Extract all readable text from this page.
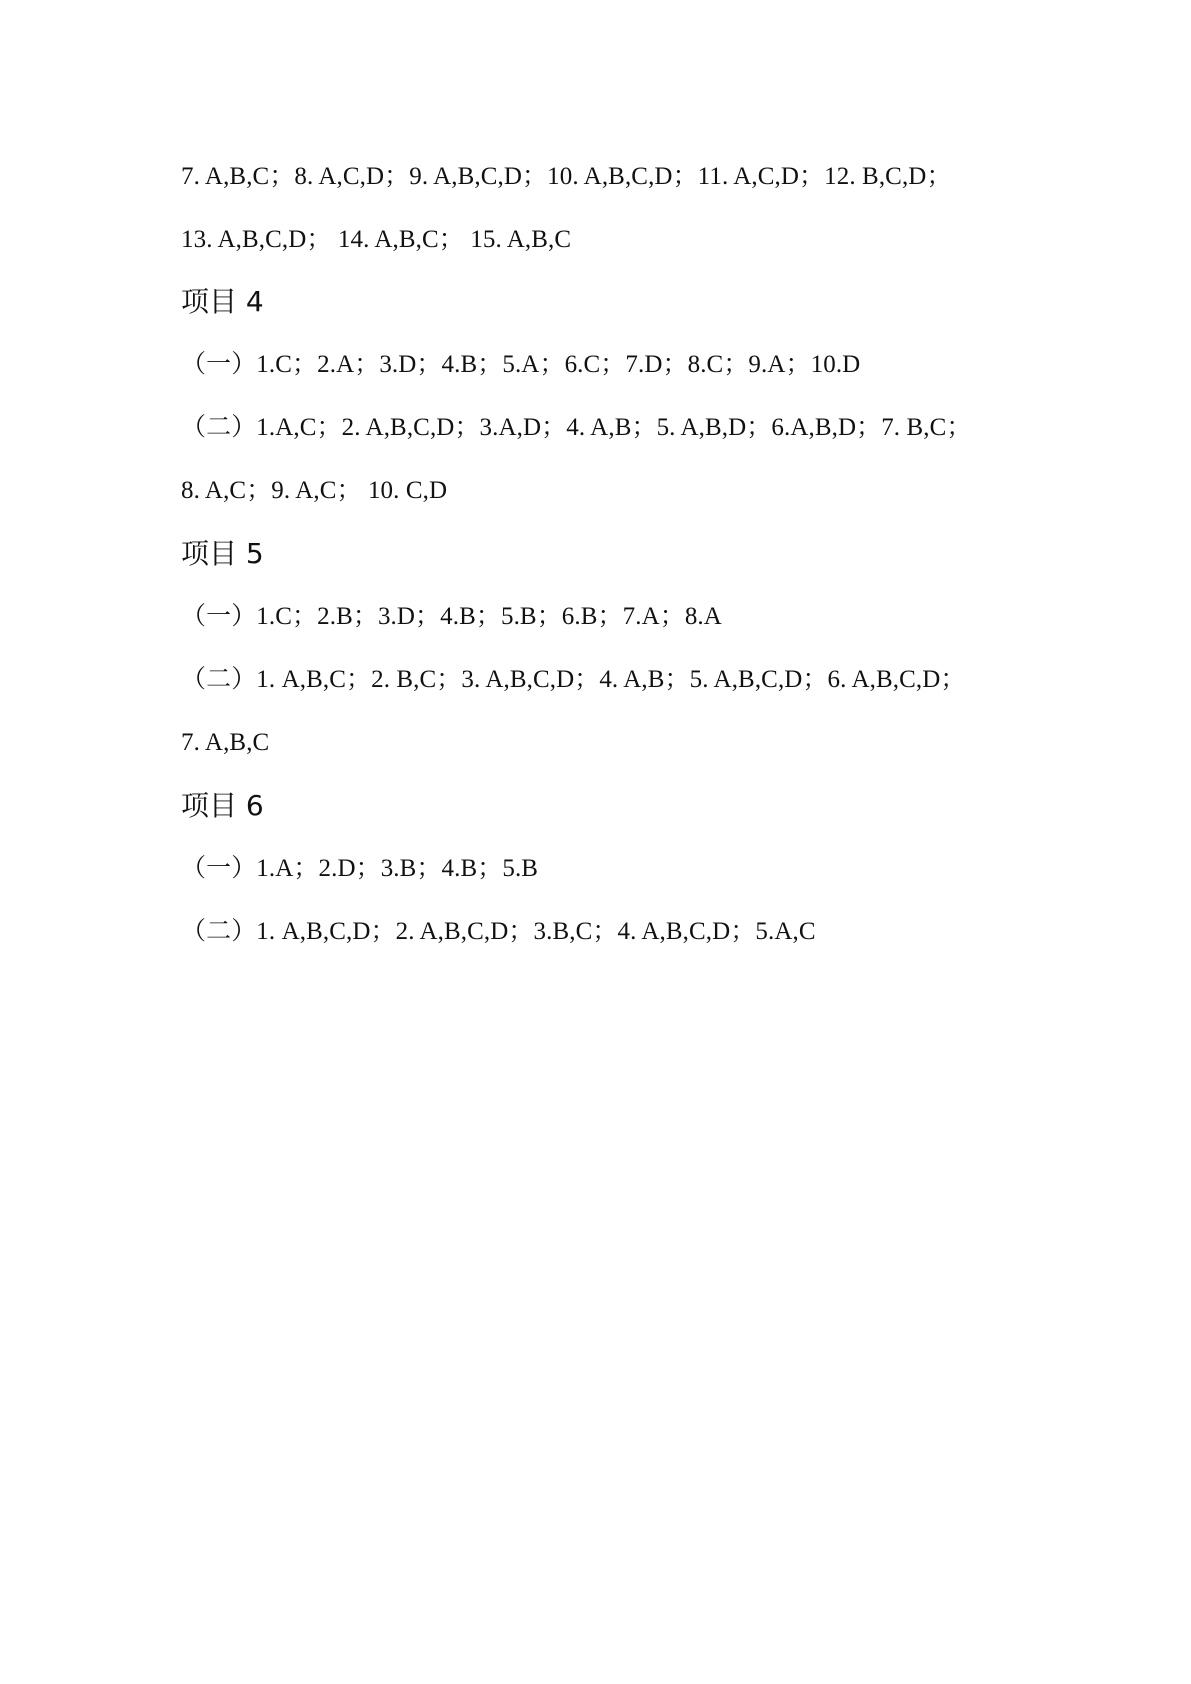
7. A,B,C；8. A,C,D；9. A,B,C,D；10. A,B,C,D；11. A,C,D；12. B,C,D；
13. A,B,C,D； 14. A,B,C； 15. A,B,C
项目 4
（一）1.C；2.A；3.D；4.B；5.A；6.C；7.D；8.C；9.A；10.D
（二）1.A,C；2. A,B,C,D；3.A,D；4. A,B；5. A,B,D；6.A,B,D；7. B,C；
8. A,C；9. A,C； 10. C,D
项目 5
（一）1.C；2.B；3.D；4.B；5.B；6.B；7.A；8.A
（二）1. A,B,C；2. B,C；3. A,B,C,D；4. A,B；5. A,B,C,D；6. A,B,C,D；
7. A,B,C
项目 6
（一）1.A；2.D；3.B；4.B；5.B
（二）1. A,B,C,D；2. A,B,C,D；3.B,C；4. A,B,C,D；5.A,C
